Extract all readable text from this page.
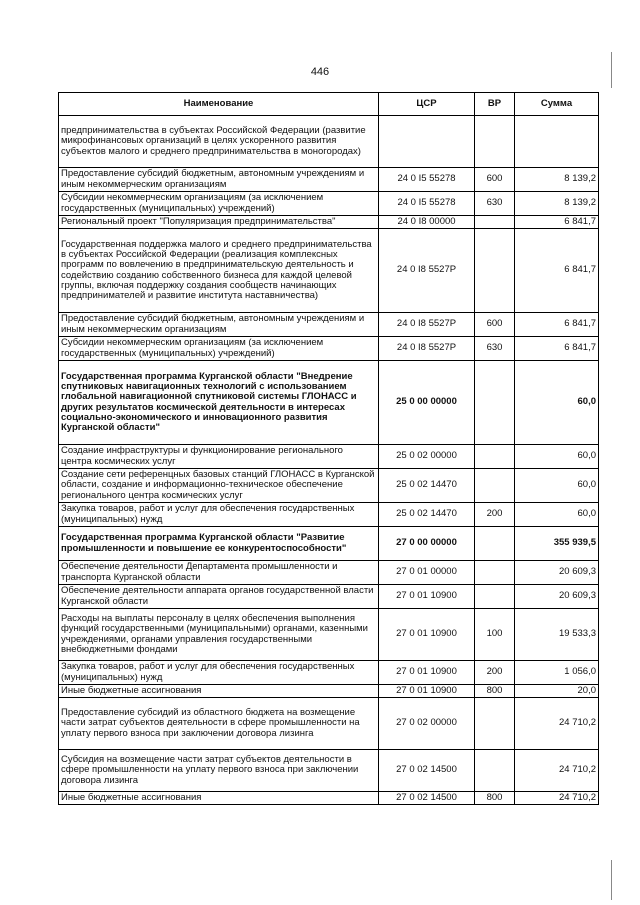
446
Наименование	ЦСР	ВР	Сумма
предпринимательства в субъектах Российской Федерации (развитие микрофинансовых организаций в целях ускоренного развития субъектов малого и среднего предпринимательства в моногородах)			
Предоставление субсидий бюджетным, автономным учреждениям и иным некоммерческим организациям	24 0 I5 55278	600	8 139,2
Субсидии некоммерческим организациям (за исключением государственных (муниципальных) учреждений)	24 0 I5 55278	630	8 139,2
Региональный проект "Популяризация предпринимательства"	24 0 I8 00000		6 841,7
Государственная поддержка малого и среднего предпринимательства в субъектах Российской Федерации (реализация комплексных программ по вовлечению в предпринимательскую деятельность и содействию созданию собственного бизнеса для каждой целевой группы, включая поддержку создания сообществ начинающих предпринимателей и развитие института наставничества)	24 0 I8 5527P		6 841,7
Предоставление субсидий бюджетным, автономным учреждениям и иным некоммерческим организациям	24 0 I8 5527P	600	6 841,7
Субсидии некоммерческим организациям (за исключением государственных (муниципальных) учреждений)	24 0 I8 5527P	630	6 841,7
Государственная программа Курганской области "Внедрение спутниковых навигационных технологий с использованием глобальной навигационной спутниковой системы ГЛОНАСС и других результатов космической деятельности в интересах социально-экономического и инновационного развития Курганской области"	25 0 00 00000		60,0
Создание инфраструктуры и функционирование регионального центра космических услуг	25 0 02 00000		60,0
Создание сети референцных базовых станций ГЛОНАСС в Курганской области, создание и информационно-техническое обеспечение регионального центра космических услуг	25 0 02 14470		60,0
Закупка товаров, работ и услуг для обеспечения государственных (муниципальных) нужд	25 0 02 14470	200	60,0
Государственная программа Курганской области "Развитие промышленности и повышение ее конкурентоспособности"	27 0 00 00000		355 939,5
Обеспечение деятельности Департамента промышленности и транспорта Курганской области	27 0 01 00000		20 609,3
Обеспечение деятельности аппарата органов государственной власти Курганской области	27 0 01 10900		20 609,3
Расходы на выплаты персоналу в целях обеспечения выполнения функций государственными (муниципальными) органами, казенными учреждениями, органами управления государственными внебюджетными фондами	27 0 01 10900	100	19 533,3
Закупка товаров, работ и услуг для обеспечения государственных (муниципальных) нужд	27 0 01 10900	200	1 056,0
Иные бюджетные ассигнования	27 0 01 10900	800	20,0
Предоставление субсидий из областного бюджета на возмещение части затрат субъектов деятельности в сфере промышленности на уплату первого взноса при заключении договора лизинга	27 0 02 00000		24 710,2
Субсидия на возмещение части затрат субъектов деятельности в сфере промышленности на уплату первого взноса при заключении договора лизинга	27 0 02 14500		24 710,2
Иные бюджетные ассигнования	27 0 02 14500	800	24 710,2
